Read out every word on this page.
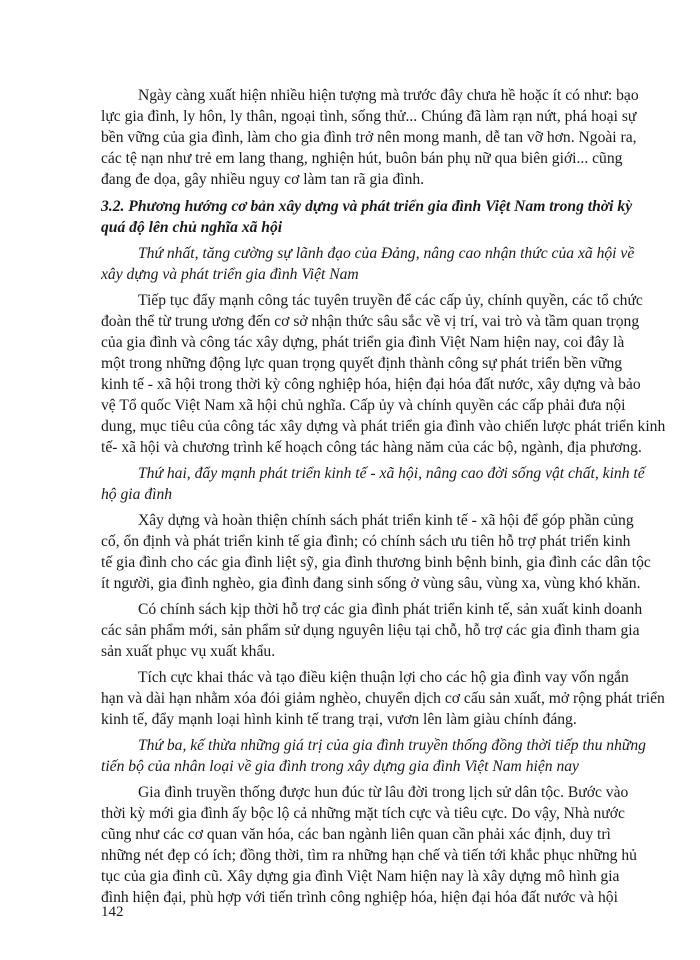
Ngày càng xuất hiện nhiều hiện tượng mà trước đây chưa hề hoặc ít có như: bạo
lực gia đình, ly hôn, ly thân, ngoại tình, sống thử... Chúng đã làm rạn nứt, phá hoại sự
bền vững của gia đình, làm cho gia đình trở nên mong manh, dễ tan vỡ hơn. Ngoài ra,
các tệ nạn như trẻ em lang thang, nghiện hút, buôn bán phụ nữ qua biên giới... cũng
đang đe dọa, gây nhiều nguy cơ làm tan rã gia đình.
3.2. Phương hướng cơ bản xây dựng và phát triển gia đình Việt Nam trong thời kỳ
quá độ lên chủ nghĩa xã hội
Thứ nhất, tăng cường sự lãnh đạo của Đảng, nâng cao nhận thức của xã hội về
xây dựng và phát triển gia đình Việt Nam
Tiếp tục đẩy mạnh công tác tuyên truyền để các cấp ủy, chính quyền, các tổ chức
đoàn thể từ trung ương đến cơ sở nhận thức sâu sắc về vị trí, vai trò và tầm quan trọng
của gia đình và công tác xây dựng, phát triển gia đình Việt Nam hiện nay, coi đây là
một trong những động lực quan trọng quyết định thành công sự phát triển bền vững
kinh tế - xã hội trong thời kỳ công nghiệp hóa, hiện đại hóa đất nước, xây dựng và bảo
vệ Tổ quốc Việt Nam xã hội chủ nghĩa. Cấp ủy và chính quyền các cấp phải đưa nội
dung, mục tiêu của công tác xây dựng và phát triển gia đình vào chiến lược phát triển kinh
tế- xã hội và chương trình kế hoạch công tác hàng năm của các bộ, ngành, địa phương.
Thứ hai, đẩy mạnh phát triển kinh tế - xã hội, nâng cao đời sống vật chất, kinh tế
hộ gia đình
Xây dựng và hoàn thiện chính sách phát triển kinh tế - xã hội để góp phần củng
cố, ổn định và phát triển kinh tế gia đình; có chính sách ưu tiên hỗ trợ phát triển kinh
tế gia đình cho các gia đình liệt sỹ, gia đình thương binh bệnh binh, gia đình các dân tộc
ít người, gia đình nghèo, gia đình đang sinh sống ở vùng sâu, vùng xa, vùng khó khăn.
Có chính sách kịp thời hỗ trợ các gia đình phát triển kinh tế, sản xuất kinh doanh
các sản phẩm mới, sản phẩm sử dụng nguyên liệu tại chỗ, hỗ trợ các gia đình tham gia
sản xuất phục vụ xuất khẩu.
Tích cực khai thác và tạo điều kiện thuận lợi cho các hộ gia đình vay vốn ngắn
hạn và dài hạn nhằm xóa đói giảm nghèo, chuyển dịch cơ cấu sản xuất, mở rộng phát triển
kinh tế, đẩy mạnh loại hình kinh tế trang trại, vươn lên làm giàu chính đáng.
Thứ ba, kế thừa những giá trị của gia đình truyền thống đồng thời tiếp thu những
tiến bộ của nhân loại về gia đình trong xây dựng gia đình Việt Nam hiện nay
Gia đình truyền thống được hun đúc từ lâu đời trong lịch sử dân tộc. Bước vào
thời kỳ mới gia đình ấy bộc lộ cả những mặt tích cực và tiêu cực. Do vậy, Nhà nước
cũng như các cơ quan văn hóa, các ban ngành liên quan cần phải xác định, duy trì
những nét đẹp có ích; đồng thời, tìm ra những hạn chế và tiến tới khắc phục những hủ
tục của gia đình cũ. Xây dựng gia đình Việt Nam hiện nay là xây dựng mô hình gia
đình hiện đại, phù hợp với tiến trình công nghiệp hóa, hiện đại hóa đất nước và hội
142
